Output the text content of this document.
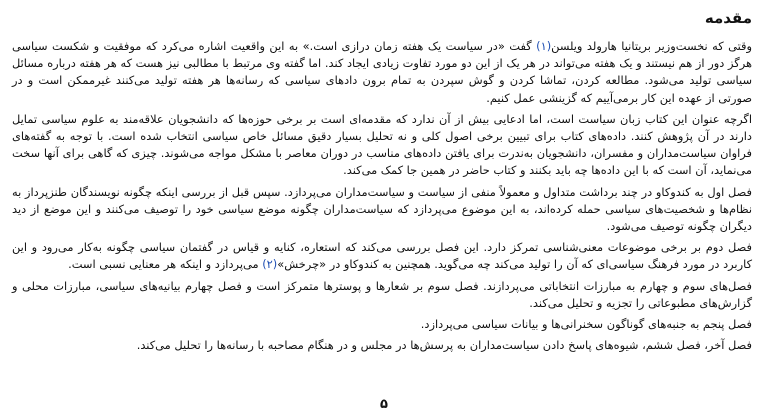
مقدمه

وقتی که نخست‌وزیر بریتانیا هارولد ویلسن(۱) گفت «در سیاست یک هفته زمان درازی است.» به این واقعیت اشاره می‌کرد که موفقیت و شکست سیاسی هرگز دور از هم نیستند و یک هفته می‌تواند در هر یک از این دو مورد تفاوت زیادی ایجاد کند. اما گفته وی مرتبط با مطالبی نیز هست که هر هفته درباره مسائل سیاسی تولید می‌شود. مطالعه کردن، تماشا کردن و گوش سپردن به تمام برون دادهای سیاسی که رسانه‌ها هر هفته تولید می‌کنند غیرممکن است و در صورتی از عهده این کار برمی‌آییم که گزینشی عمل کنیم.

اگرچه عنوان این کتاب زبان سیاست است، اما ادعایی بیش از آن ندارد که مقدمه‌ای است بر برخی حوزه‌ها که دانشجویان علاقه‌مند به علوم سیاسی تمایل دارند در آن پژوهش کنند. داده‌های کتاب برای تبیین برخی اصول کلی و نه تحلیل بسیار دقیق مسائل خاص سیاسی انتخاب شده است. با توجه به گفته‌های فراوان سیاست‌مداران و مفسران، دانشجویان به‌ندرت برای یافتن داده‌های مناسب در دوران معاصر با مشکل مواجه می‌شوند. چیزی که گاهی برای آنها سخت می‌نماید، آن است که با این داده‌ها چه باید بکنند و کتاب حاضر در همین جا کمک می‌کند.

فصل اول به کندوکاو در چند برداشت متداول و معمولاً منفی از سیاست و سیاست‌مداران می‌پردازد. سپس قبل از بررسی اینکه چگونه نویسندگان طنزپرداز به نظام‌ها و شخصیت‌های سیاسی حمله کرده‌اند، به این موضوع می‌پردازد که سیاست‌مداران چگونه موضع سیاسی خود را توصیف می‌کنند و این موضع از دید دیگران چگونه توصیف می‌شود.

فصل دوم بر برخی موضوعات معنی‌شناسی تمرکز دارد. این فصل بررسی می‌کند که استعاره، کنایه و قیاس در گفتمان سیاسی چگونه به‌کار می‌رود و این کاربرد در مورد فرهنگ سیاسی‌ای که آن را تولید می‌کند چه می‌گوید. همچنین به کندوکاو در «چرخش»(۲) می‌پردازد و اینکه هر معنایی نسبی است.

فصل‌های سوم و چهارم به مبارزات انتخاباتی می‌پردازند. فصل سوم بر شعارها و پوسترها متمرکز است و فصل چهارم بیانیه‌های سیاسی، مبارزات محلی و گزارش‌های مطبوعاتی را تجزیه و تحلیل می‌کند.

فصل پنجم به جنبه‌های گوناگون سخنرانی‌ها و بیانات سیاسی می‌پردازد.

فصل آخر، فصل ششم، شیوه‌های پاسخ دادن سیاست‌مداران به پرسش‌ها در مجلس و در هنگام مصاحبه با رسانه‌ها را تحلیل می‌کند.

۵
